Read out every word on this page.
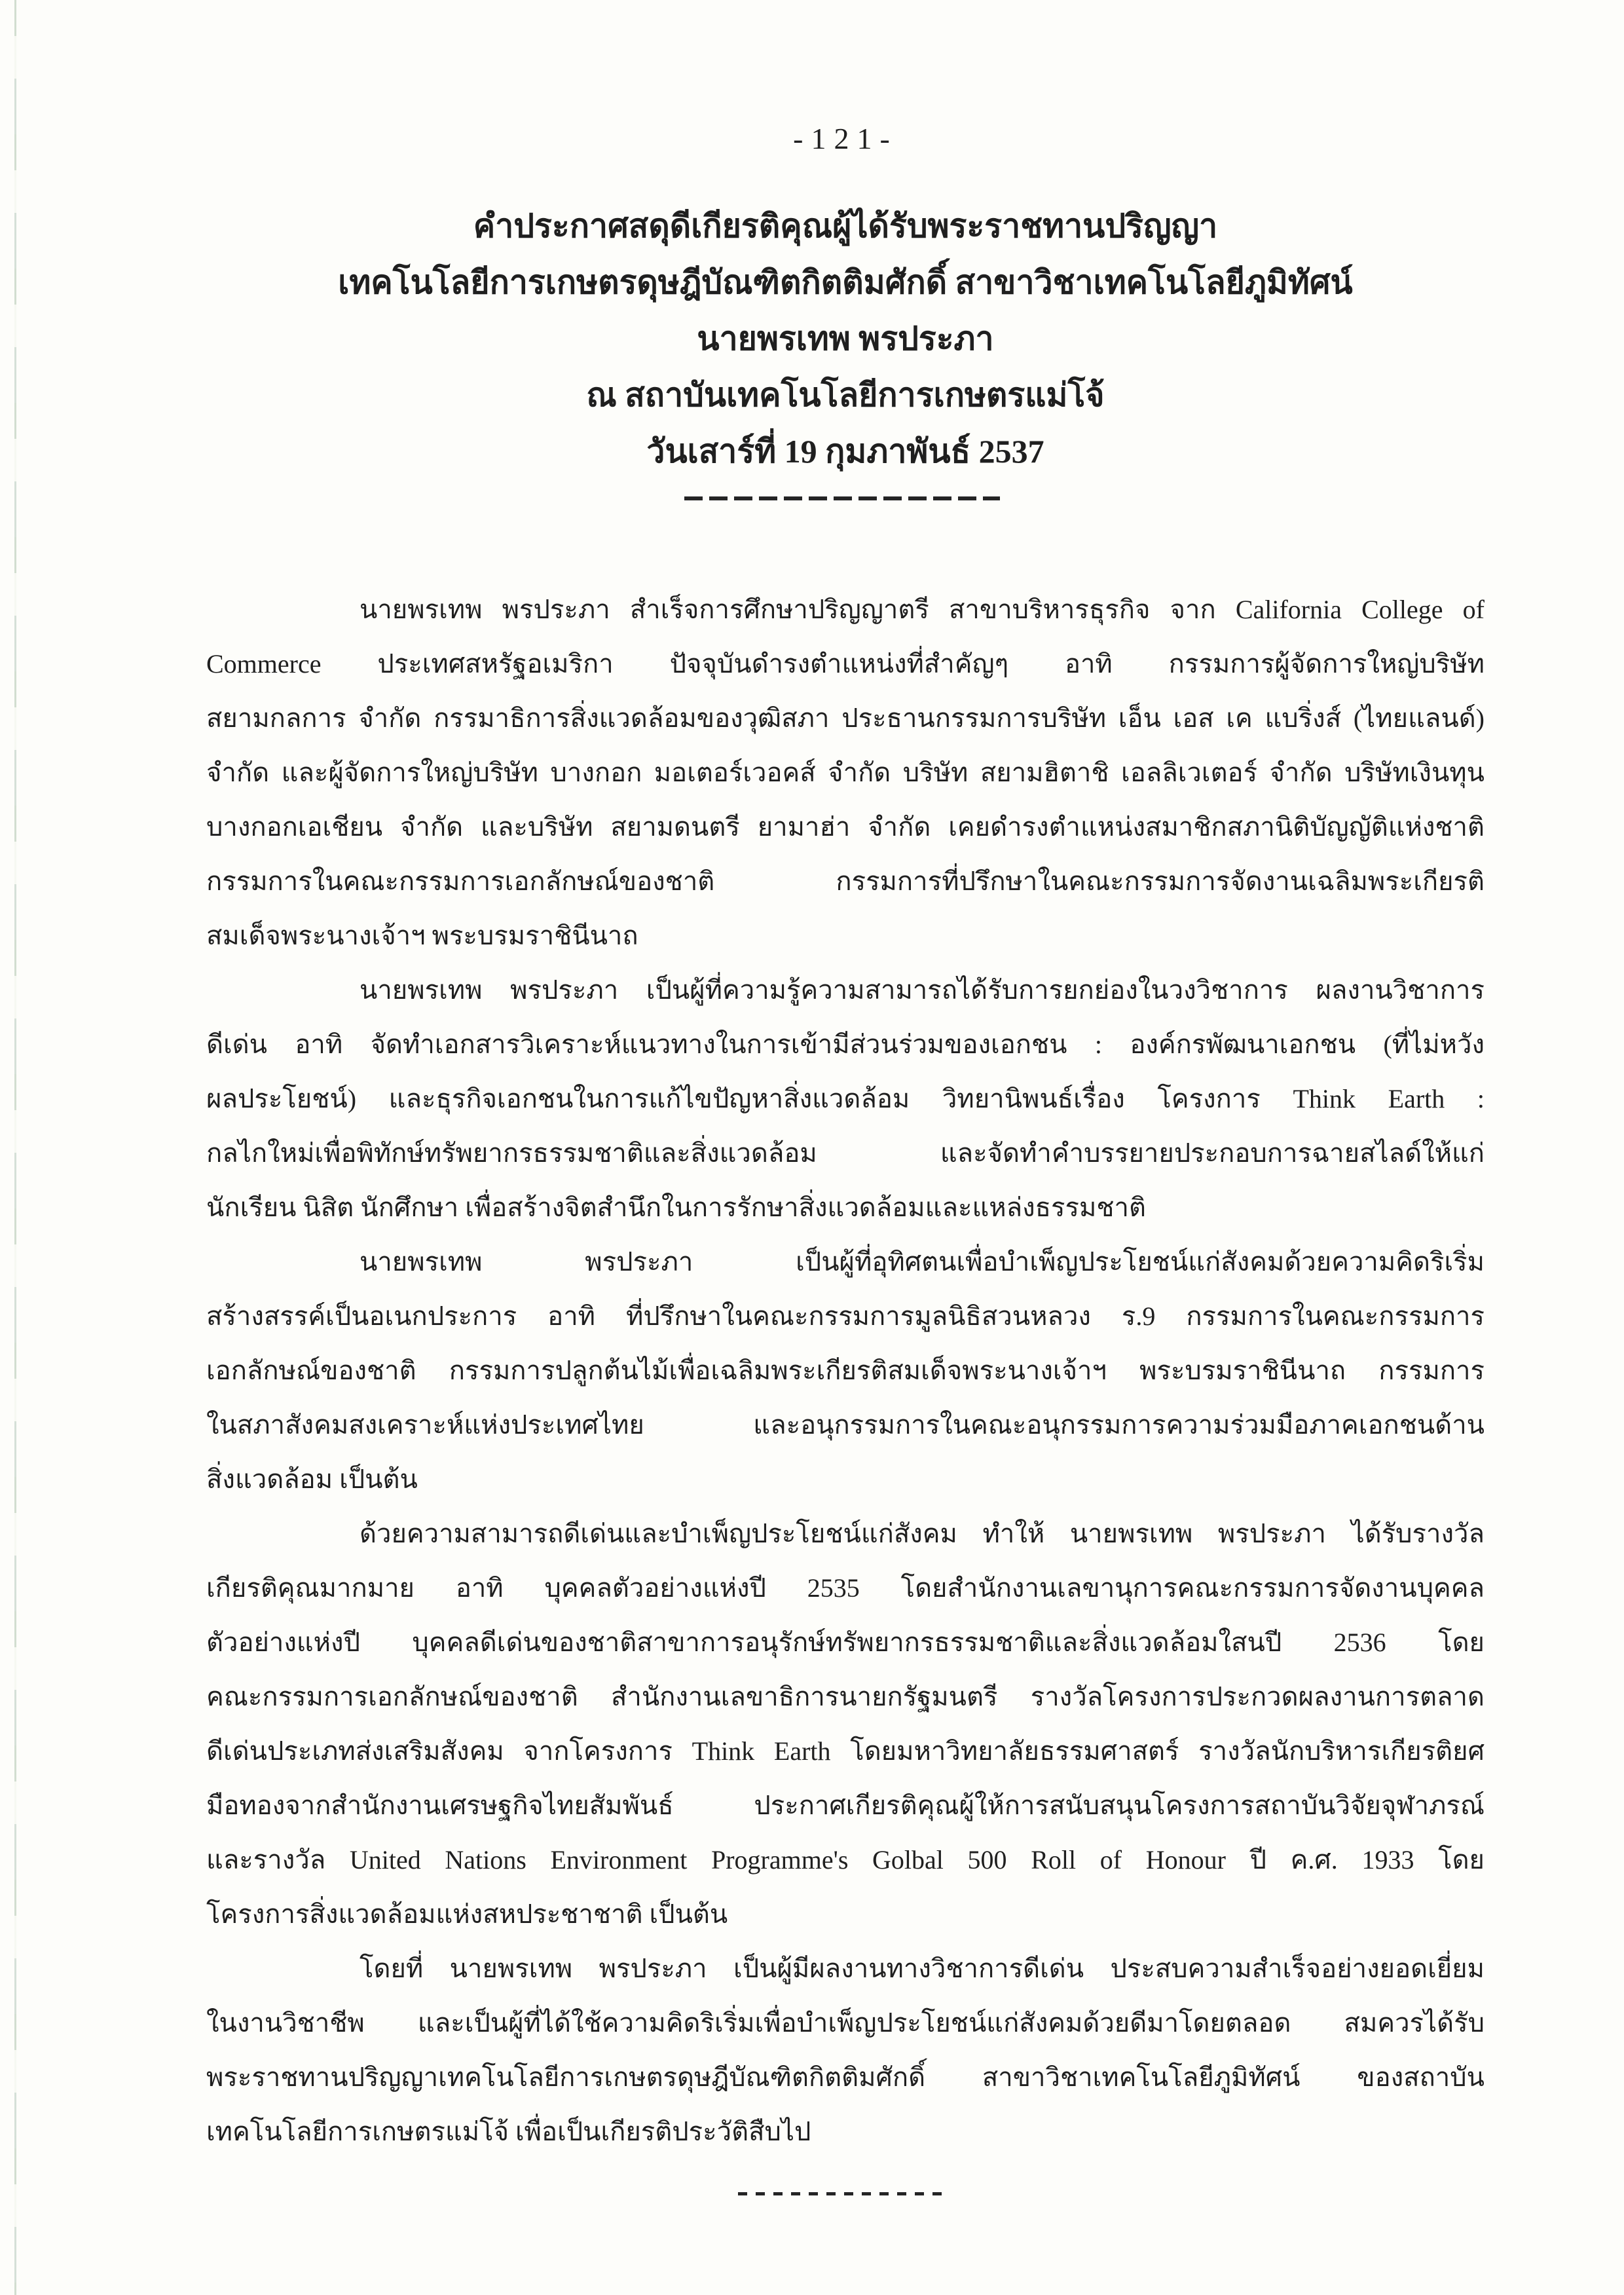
-121-
คำประกาศสดุดีเกียรติคุณผู้ได้รับพระราชทานปริญญา
เทคโนโลยีการเกษตรดุษฎีบัณฑิตกิตติมศักดิ์ สาขาวิชาเทคโนโลยีภูมิทัศน์
นายพรเทพ พรประภา
ณ สถาบันเทคโนโลยีการเกษตรแม่โจ้
วันเสาร์ที่ 19 กุมภาพันธ์ 2537
นายพรเทพ พรประภา สำเร็จการศึกษาปริญญาตรี สาขาบริหารธุรกิจ จาก California College of
Commerce ประเทศสหรัฐอเมริกา ปัจจุบันดำรงตำแหน่งที่สำคัญๆ อาทิ กรรมการผู้จัดการใหญ่บริษัท
สยามกลการ จำกัด กรรมาธิการสิ่งแวดล้อมของวุฒิสภา ประธานกรรมการบริษัท เอ็น เอส เค แบริ่งส์ (ไทยแลนด์)
จำกัด และผู้จัดการใหญ่บริษัท บางกอก มอเตอร์เวอคส์ จำกัด บริษัท สยามฮิตาชิ เอลลิเวเตอร์ จำกัด บริษัทเงินทุน
บางกอกเอเชียน จำกัด และบริษัท สยามดนตรี ยามาฮ่า จำกัด เคยดำรงตำแหน่งสมาชิกสภานิติบัญญัติแห่งชาติ
กรรมการในคณะกรรมการเอกลักษณ์ของชาติ กรรมการที่ปรึกษาในคณะกรรมการจัดงานเฉลิมพระเกียรติ
สมเด็จพระนางเจ้าฯ พระบรมราชินีนาถ
นายพรเทพ พรประภา เป็นผู้ที่ความรู้ความสามารถได้รับการยกย่องในวงวิชาการ ผลงานวิชาการ
ดีเด่น อาทิ จัดทำเอกสารวิเคราะห์แนวทางในการเข้ามีส่วนร่วมของเอกชน : องค์กรพัฒนาเอกชน (ที่ไม่หวัง
ผลประโยชน์) และธุรกิจเอกชนในการแก้ไขปัญหาสิ่งแวดล้อม วิทยานิพนธ์เรื่อง โครงการ Think Earth :
กลไกใหม่เพื่อพิทักษ์ทรัพยากรธรรมชาติและสิ่งแวดล้อม และจัดทำคำบรรยายประกอบการฉายสไลด์ให้แก่
นักเรียน นิสิต นักศึกษา เพื่อสร้างจิตสำนึกในการรักษาสิ่งแวดล้อมและแหล่งธรรมชาติ
นายพรเทพ พรประภา เป็นผู้ที่อุทิศตนเพื่อบำเพ็ญประโยชน์แก่สังคมด้วยความคิดริเริ่ม
สร้างสรรค์เป็นอเนกประการ อาทิ ที่ปรึกษาในคณะกรรมการมูลนิธิสวนหลวง ร.9 กรรมการในคณะกรรมการ
เอกลักษณ์ของชาติ กรรมการปลูกต้นไม้เพื่อเฉลิมพระเกียรติสมเด็จพระนางเจ้าฯ พระบรมราชินีนาถ กรรมการ
ในสภาสังคมสงเคราะห์แห่งประเทศไทย และอนุกรรมการในคณะอนุกรรมการความร่วมมือภาคเอกชนด้าน
สิ่งแวดล้อม เป็นต้น
ด้วยความสามารถดีเด่นและบำเพ็ญประโยชน์แก่สังคม ทำให้ นายพรเทพ พรประภา ได้รับรางวัล
เกียรติคุณมากมาย อาทิ บุคคลตัวอย่างแห่งปี 2535 โดยสำนักงานเลขานุการคณะกรรมการจัดงานบุคคล
ตัวอย่างแห่งปี บุคคลดีเด่นของชาติสาขาการอนุรักษ์ทรัพยากรธรรมชาติและสิ่งแวดล้อมใสนปี 2536 โดย
คณะกรรมการเอกลักษณ์ของชาติ สำนักงานเลขาธิการนายกรัฐมนตรี รางวัลโครงการประกวดผลงานการตลาด
ดีเด่นประเภทส่งเสริมสังคม จากโครงการ Think Earth โดยมหาวิทยาลัยธรรมศาสตร์ รางวัลนักบริหารเกียรติยศ
มือทองจากสำนักงานเศรษฐกิจไทยสัมพันธ์ ประกาศเกียรติคุณผู้ให้การสนับสนุนโครงการสถาบันวิจัยจุฬาภรณ์
และรางวัล United Nations Environment Programme's Golbal 500 Roll of Honour ปี ค.ศ. 1933 โดย
โครงการสิ่งแวดล้อมแห่งสหประชาชาติ เป็นต้น
โดยที่ นายพรเทพ พรประภา เป็นผู้มีผลงานทางวิชาการดีเด่น ประสบความสำเร็จอย่างยอดเยี่ยม
ในงานวิชาชีพ และเป็นผู้ที่ได้ใช้ความคิดริเริ่มเพื่อบำเพ็ญประโยชน์แก่สังคมด้วยดีมาโดยตลอด สมควรได้รับ
พระราชทานปริญญาเทคโนโลยีการเกษตรดุษฎีบัณฑิตกิตติมศักดิ์ สาขาวิชาเทคโนโลยีภูมิทัศน์ ของสถาบัน
เทคโนโลยีการเกษตรแม่โจ้ เพื่อเป็นเกียรติประวัติสืบไป
